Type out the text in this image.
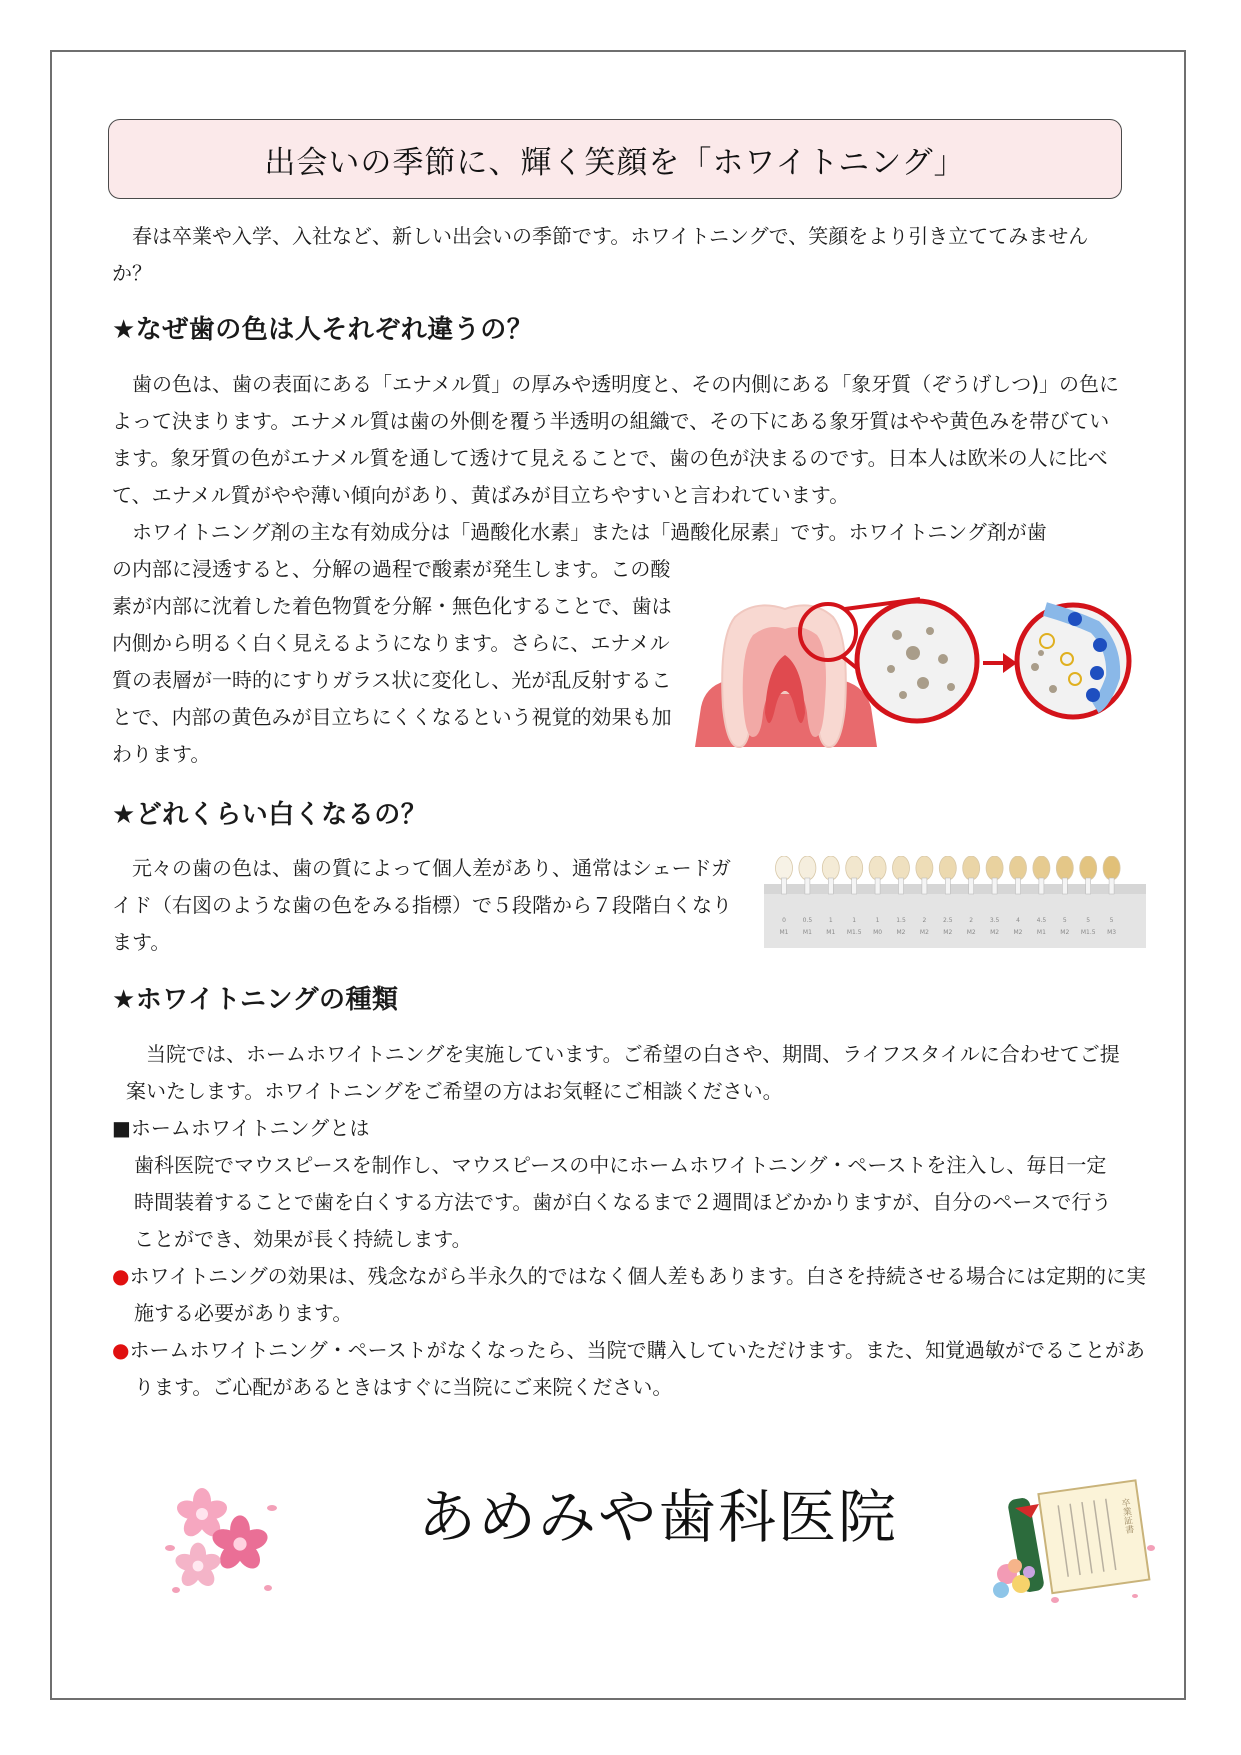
出会いの季節に、輝く笑顔を「ホワイトニング」

春は卒業や入学、入社など、新しい出会いの季節です。ホワイトニングで、笑顔をより引き立ててみませんか？

★なぜ歯の色は人それぞれ違うの？

歯の色は、歯の表面にある「エナメル質」の厚みや透明度と、その内側にある「象牙質（ぞうげしつ)」の色によって決まります。エナメル質は歯の外側を覆う半透明の組織で、その下にある象牙質はやや黄色みを帯びています。象牙質の色がエナメル質を通して透けて見えることで、歯の色が決まるのです。日本人は欧米の人に比べて、エナメル質がやや薄い傾向があり、黄ばみが目立ちやすいと言われています。

ホワイトニング剤の主な有効成分は「過酸化水素」または「過酸化尿素」です。ホワイトニング剤が歯

の内部に浸透すると、分解の過程で酸素が発生します。この酸素が内部に沈着した着色物質を分解・無色化することで、歯は内側から明るく白く見えるようになります。さらに、エナメル質の表層が一時的にすりガラス状に変化し、光が乱反射することで、内部の黄色みが目立ちにくくなるという視覚的効果も加わります。

★どれくらい白くなるの？

元々の歯の色は、歯の質によって個人差があり、通常はシェードガイド（右図のような歯の色をみる指標）で５段階から７段階白くなります。

0
M1
0.5
M1
1
M1
1
M1.5
1
M0
1.5
M2
2
M2
2.5
M2
2
M2
3.5
M2
4
M2
4.5
M1
5
M2
5
M1.5
5
M3
★ホワイトニングの種類

当院では、ホームホワイトニングを実施しています。ご希望の白さや、期間、ライフスタイルに合わせてご提案いたします。ホワイトニングをご希望の方はお気軽にご相談ください。

■ホームホワイトニングとは

歯科医院でマウスピースを制作し、マウスピースの中にホームホワイトニング・ペーストを注入し、毎日一定時間装着することで歯を白くする方法です。歯が白くなるまで２週間ほどかかりますが、自分のペースで行うことができ、効果が長く持続します。

●ホワイトニングの効果は、残念ながら半永久的ではなく個人差もあります。白さを持続させる場合には定期的に実施する必要があります。

●ホームホワイトニング・ペーストがなくなったら、当院で購入していただけます。また、知覚過敏がでることがあります。ご心配があるときはすぐに当院にご来院ください。

あめみや歯科医院	卒業証書
